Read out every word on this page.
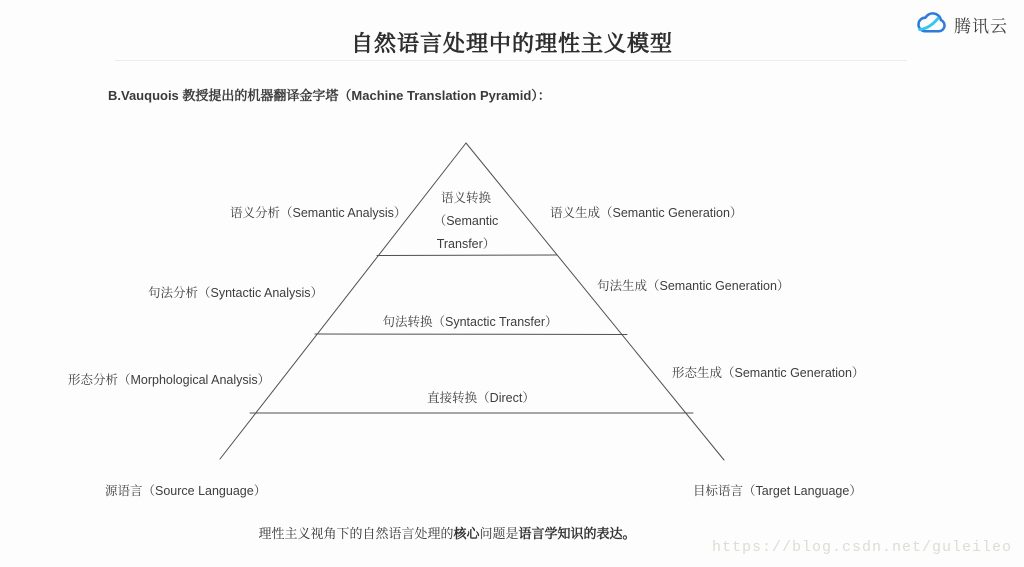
自然语言处理中的理性主义模型
腾讯云
B.Vauquois 教授提出的机器翻译金字塔（Machine Translation Pyramid）：
语义转换
（Semantic
Transfer）
语义分析（Semantic Analysis）
句法分析（Syntactic Analysis）
形态分析（Morphological Analysis）
语义生成（Semantic Generation）
句法生成（Semantic Generation）
形态生成（Semantic Generation）
句法转换（Syntactic Transfer）
直接转换（Direct）
源语言（Source Language）	目标语言（Target Language）
理性主义视角下的自然语言处理的核心问题是语言学知识的表达。
https://blog.csdn.net/guleileo
